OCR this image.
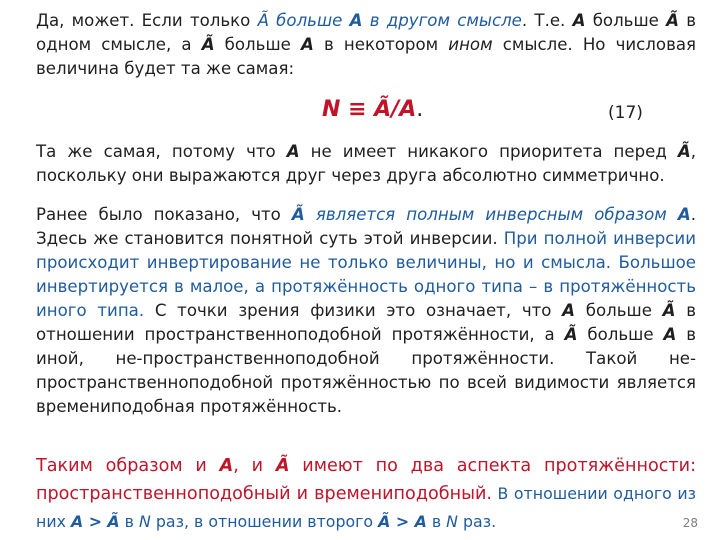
Да, может. Если только Ã больше A в другом смысле. Т.е. A больше Ã в одном смысле, а Ã больше A в некотором ином смысле. Но числовая величина будет та же самая:

N ≡ Ã/A.	(17)

Та же самая, потому что A не имеет никакого приоритета перед Ã, поскольку они выражаются друг через друга абсолютно симметрично.

Ранее было показано, что Ã является полным инверсным образом A. Здесь же становится понятной суть этой инверсии. При полной инверсии происходит инвертирование не только величины, но и смысла. Большое инвертируется в малое, а протяжённость одного типа – в протяжённость иного типа. С точки зрения физики это означает, что A больше Ã в отношении пространственноподобной протяжённости, а Ã больше A в иной, не-пространственноподобной протяжённости. Такой не-пространственноподобной протяжённостью по всей видимости является времениподобная протяжённость.

Таким образом и A, и Ã имеют по два аспекта протяжённости: пространственноподобный и времениподобный. В отношении одного из них A > Ã в N раз, в отношении второго Ã > A в N раз.	28
